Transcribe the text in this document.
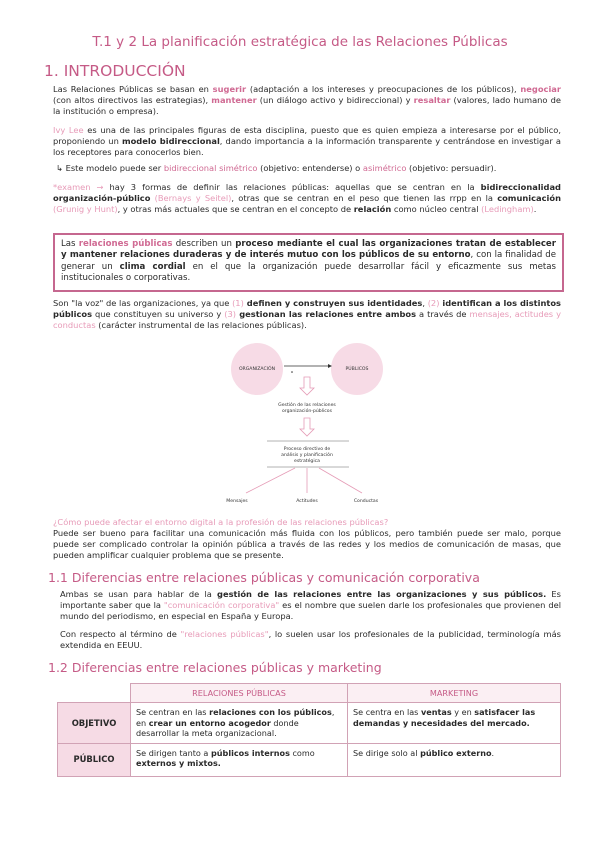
T.1 y 2 La planificación estratégica de las Relaciones Públicas
1. INTRODUCCIÓN
Las Relaciones Públicas se basan en sugerir (adaptación a los intereses y preocupaciones de los públicos), negociar (con altos directivos las estrategias), mantener (un diálogo activo y bidireccional) y resaltar (valores, lado humano de la institución o empresa).
Ivy Lee es una de las principales figuras de esta disciplina, puesto que es quien empieza a interesarse por el público, proponiendo un modelo bidireccional, dando importancia a la información transparente y centrándose en investigar a los receptores para conocerlos bien.
↳ Este modelo puede ser bidireccional simétrico (objetivo: entenderse) o asimétrico (objetivo: persuadir).
*examen → hay 3 formas de definir las relaciones públicas: aquellas que se centran en la bidireccionalidad organización-público (Bernays y Seitel), otras que se centran en el peso que tienen las rrpp en la comunicación (Grunig y Hunt), y otras más actuales que se centran en el concepto de relación como núcleo central (Ledingham).
Las relaciones públicas describen un proceso mediante el cual las organizaciones tratan de establecer y mantener relaciones duraderas y de interés mutuo con los públicos de su entorno, con la finalidad de generar un clima cordial en el que la organización puede desarrollar fácil y eficazmente sus metas institucionales o corporativas.
Son "la voz" de las organizaciones, ya que (1) definen y construyen sus identidades, (2) identifican a los distintos públicos que constituyen su universo y (3) gestionan las relaciones entre ambos a través de mensajes, actitudes y conductas (carácter instrumental de las relaciones públicas).
ORGANIZACIÓN	PÚBLICOS
Gestión de las relaciones
organización-públicos
Proceso directivo de
análisis y planificación
estratégica
Mensajes	Actitudes	Conductas
¿Cómo puede afectar el entorno digital a la profesión de las relaciones públicas?
Puede ser bueno para facilitar una comunicación más fluida con los públicos, pero también puede ser malo, porque puede ser complicado controlar la opinión pública a través de las redes y los medios de comunicación de masas, que pueden amplificar cualquier problema que se presente.
1.1 Diferencias entre relaciones públicas y comunicación corporativa
Ambas se usan para hablar de la gestión de las relaciones entre las organizaciones y sus públicos. Es importante saber que la "comunicación corporativa" es el nombre que suelen darle los profesionales que provienen del mundo del periodismo, en especial en España y Europa.
Con respecto al término de "relaciones públicas", lo suelen usar los profesionales de la publicidad, terminología más extendida en EEUU.
1.2 Diferencias entre relaciones públicas y marketing
	RELACIONES PÚBLICAS	MARKETING
OBJETIVO	Se centran en las relaciones con los públicos, en crear un entorno acogedor donde desarrollar la meta organizacional.	Se centra en las ventas y en satisfacer las demandas y necesidades del mercado.
PÚBLICO	Se dirigen tanto a públicos internos como externos y mixtos.	Se dirige solo al público externo.
